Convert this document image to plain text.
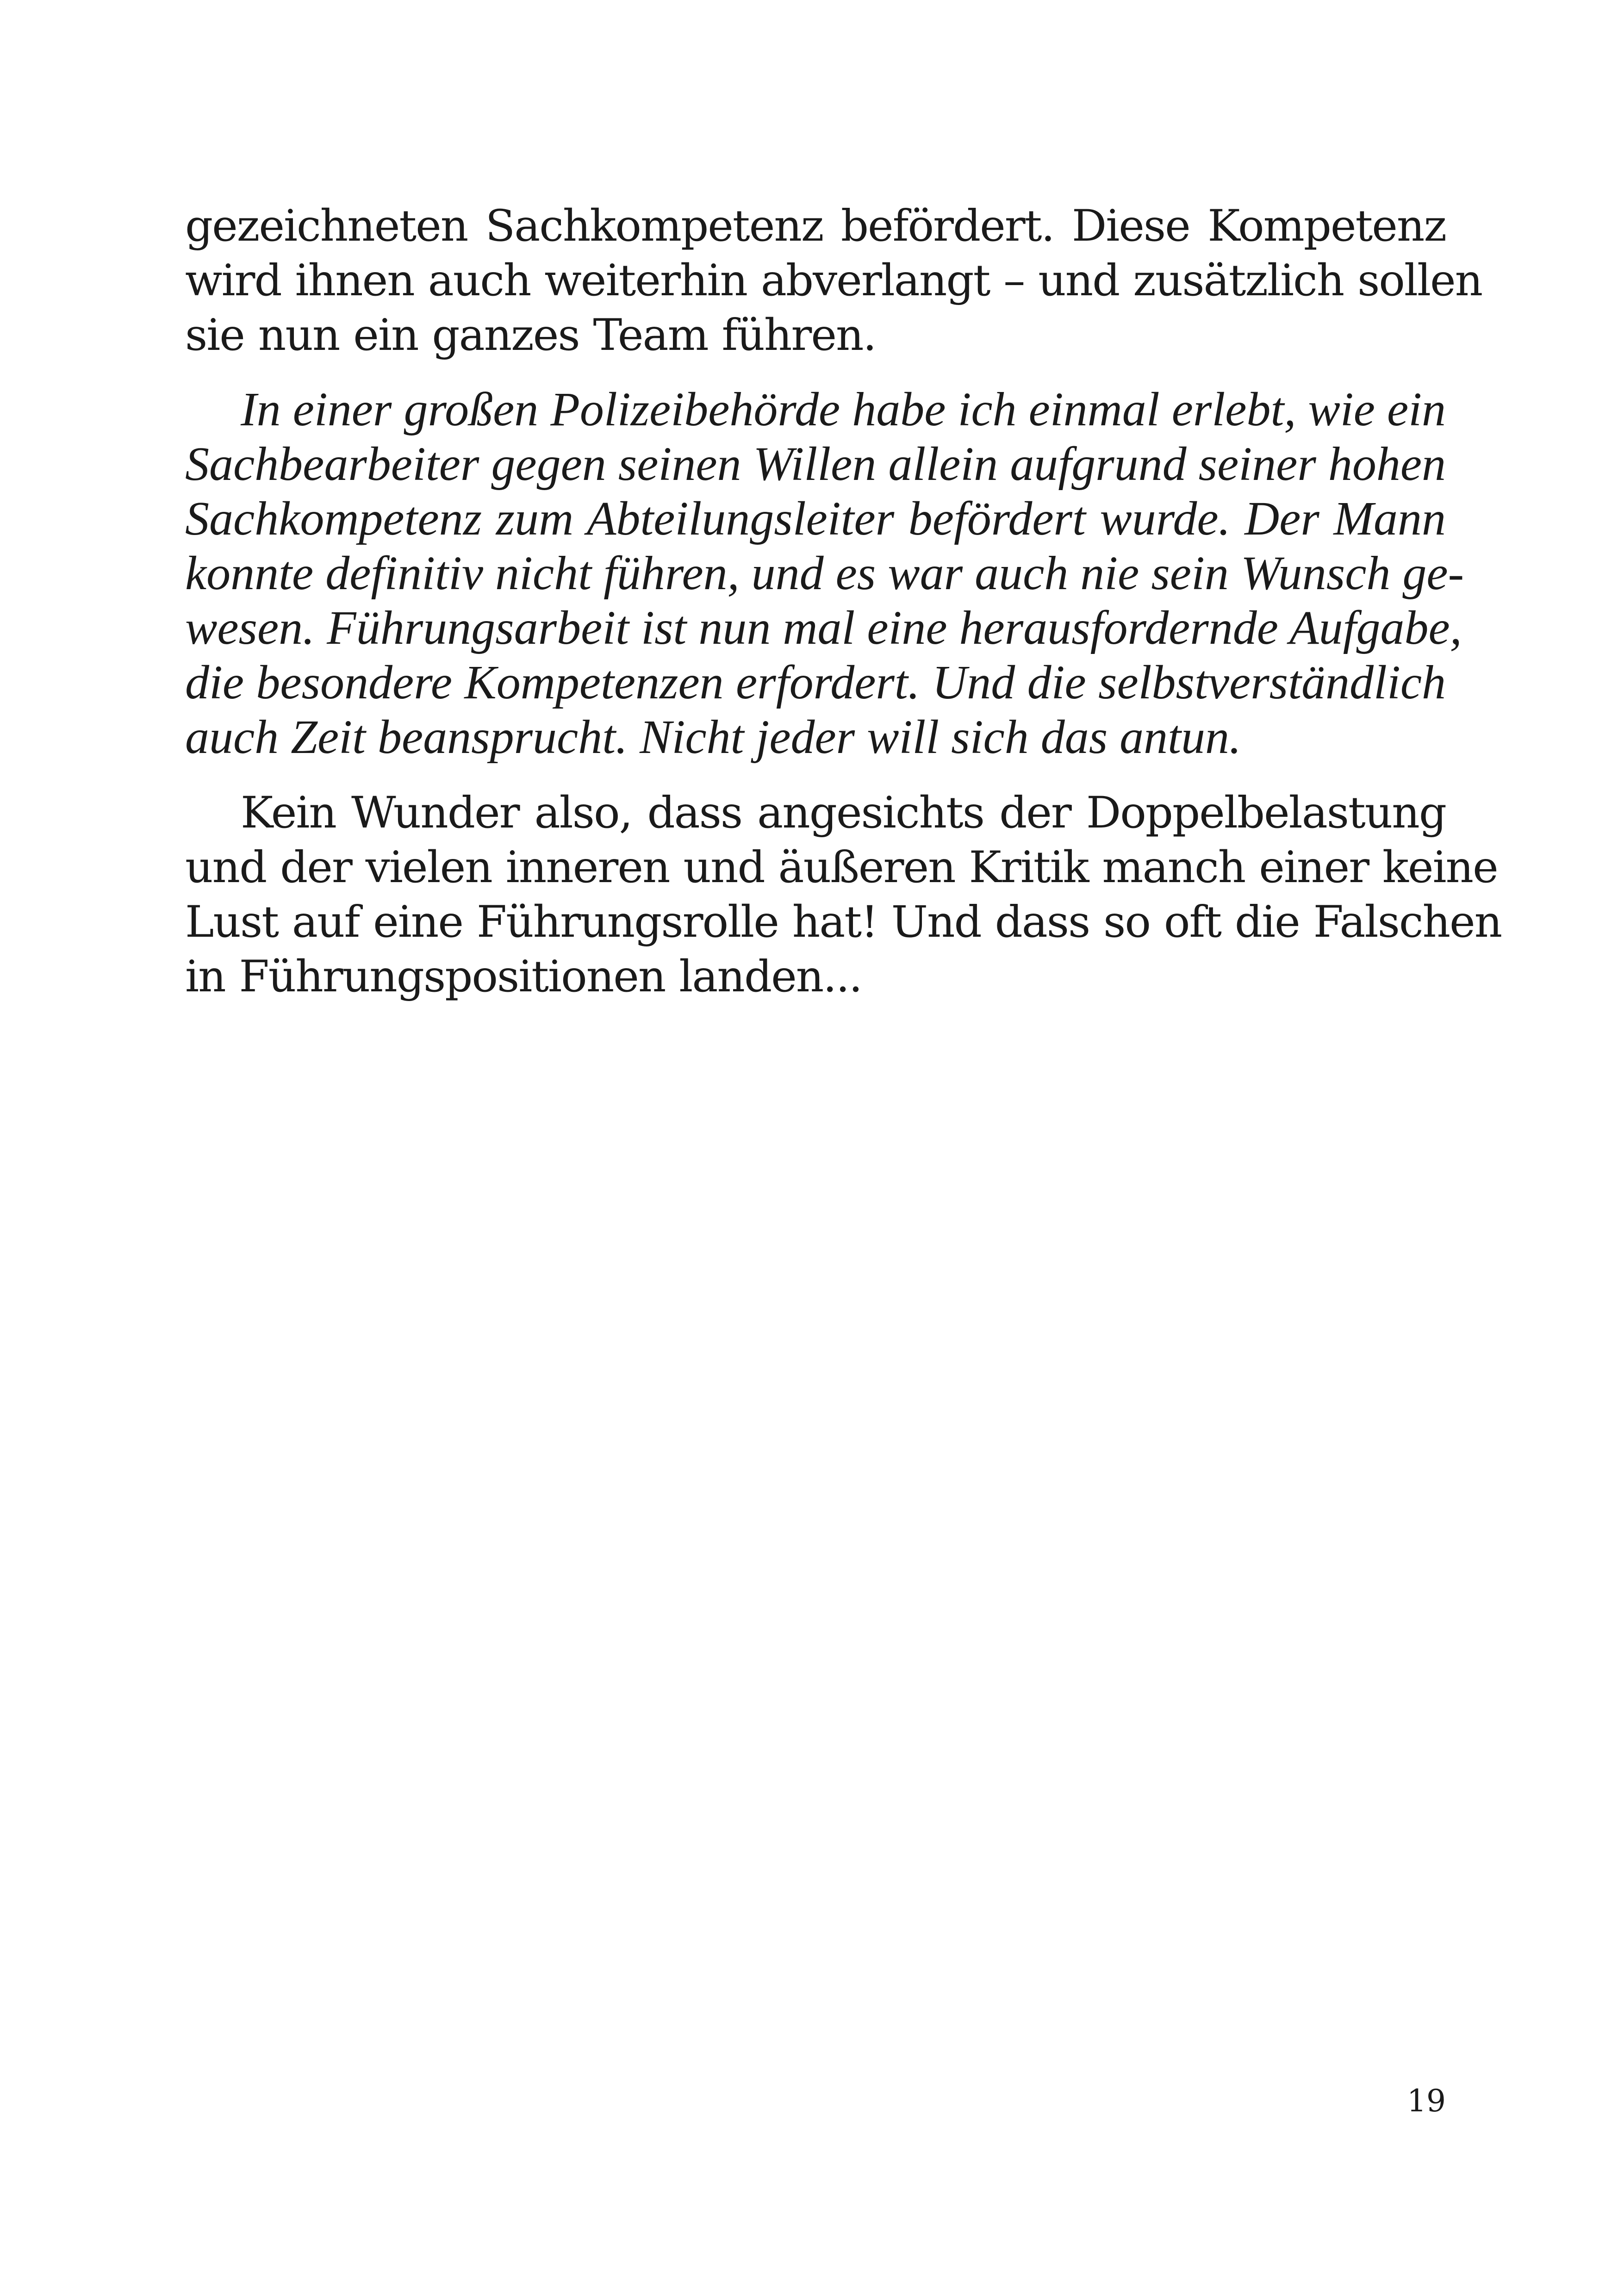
gezeichneten Sachkompetenz befördert. Diese Kompetenz
wird ihnen auch weiterhin abverlangt – und zusätzlich sollen
sie nun ein ganzes Team führen.

In einer großen Polizeibehörde habe ich einmal erlebt, wie ein
Sachbearbeiter gegen seinen Willen allein aufgrund seiner hohen
Sachkompetenz zum Abteilungsleiter befördert wurde. Der Mann
konnte definitiv nicht führen, und es war auch nie sein Wunsch ge-
wesen. Führungsarbeit ist nun mal eine herausfordernde Aufgabe,
die besondere Kompetenzen erfordert. Und die selbstverständlich
auch Zeit beansprucht. Nicht jeder will sich das antun.

Kein Wunder also, dass angesichts der Doppelbelastung
und der vielen inneren und äußeren Kritik manch einer keine
Lust auf eine Führungsrolle hat! Und dass so oft die Falschen
in Führungspositionen landen...

19
